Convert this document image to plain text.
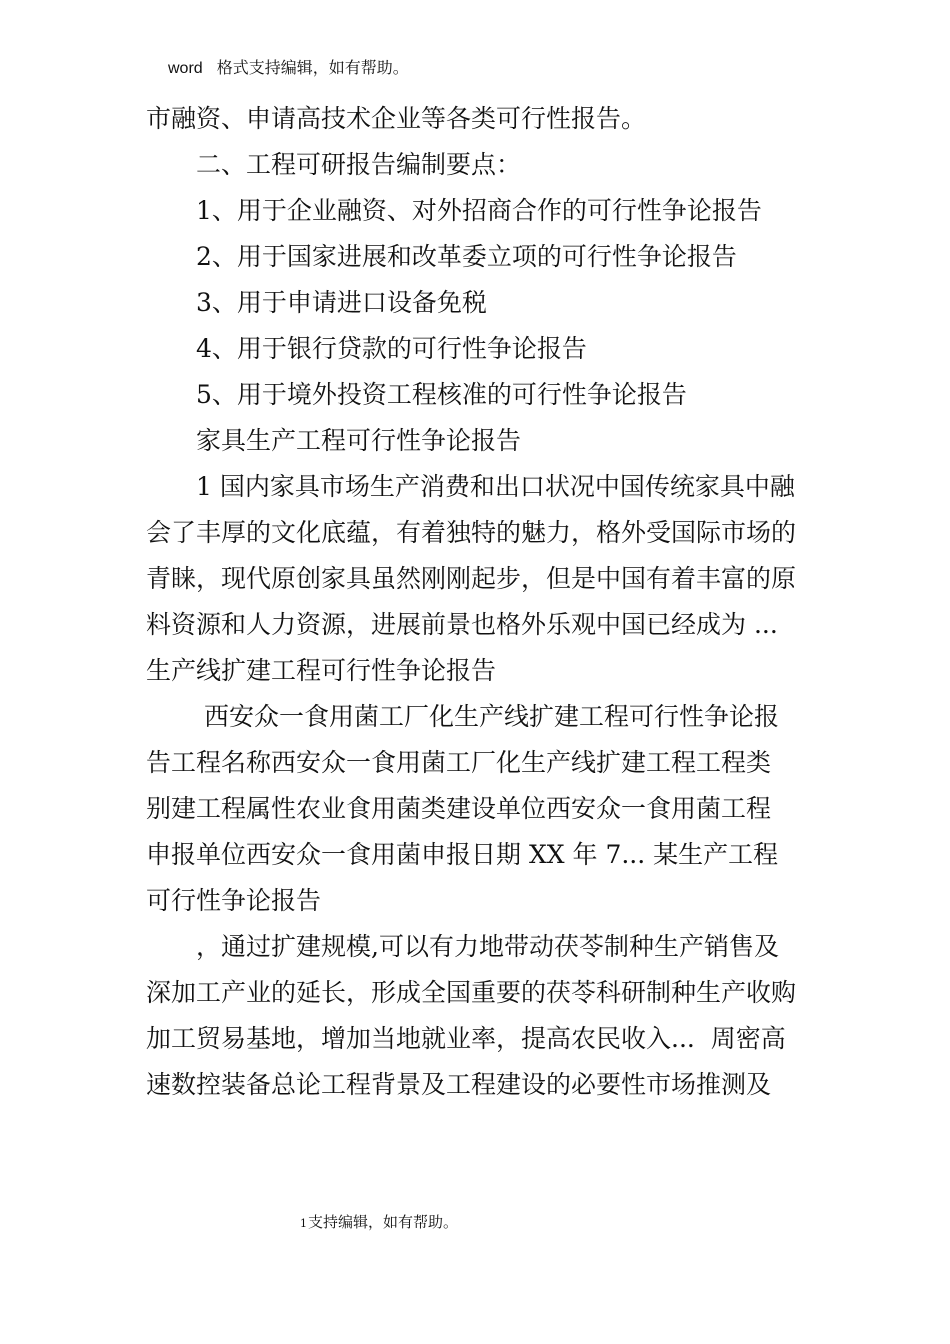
word 格式支持编辑，如有帮助。

市融资、申请高技术企业等各类可行性报告。

二、工程可研报告编制要点：

1、用于企业融资、对外招商合作的可行性争论报告

2、用于国家进展和改革委立项的可行性争论报告

3、用于申请进口设备免税

4、用于银行贷款的可行性争论报告

5、用于境外投资工程核准的可行性争论报告

家具生产工程可行性争论报告

1 国内家具市场生产消费和出口状况中国传统家具中融

会了丰厚的文化底蕴，有着独特的魅力，格外受国际市场的

青睐，现代原创家具虽然刚刚起步，但是中国有着丰富的原

料资源和人力资源，进展前景也格外乐观中国已经成为 ...

生产线扩建工程可行性争论报告

西安众一食用菌工厂化生产线扩建工程可行性争论报

告工程名称西安众一食用菌工厂化生产线扩建工程工程类

别建工程属性农业食用菌类建设单位西安众一食用菌工程

申报单位西安众一食用菌申报日期 XX 年 7... 某生产工程

可行性争论报告

，通过扩建规模,可以有力地带动茯苓制种生产销售及

深加工产业的延长，形成全国重要的茯苓科研制种生产收购

加工贸易基地，增加当地就业率，提高农民收入...  周密高

速数控装备总论工程背景及工程建设的必要性市场推测及

1支持编辑，如有帮助。
